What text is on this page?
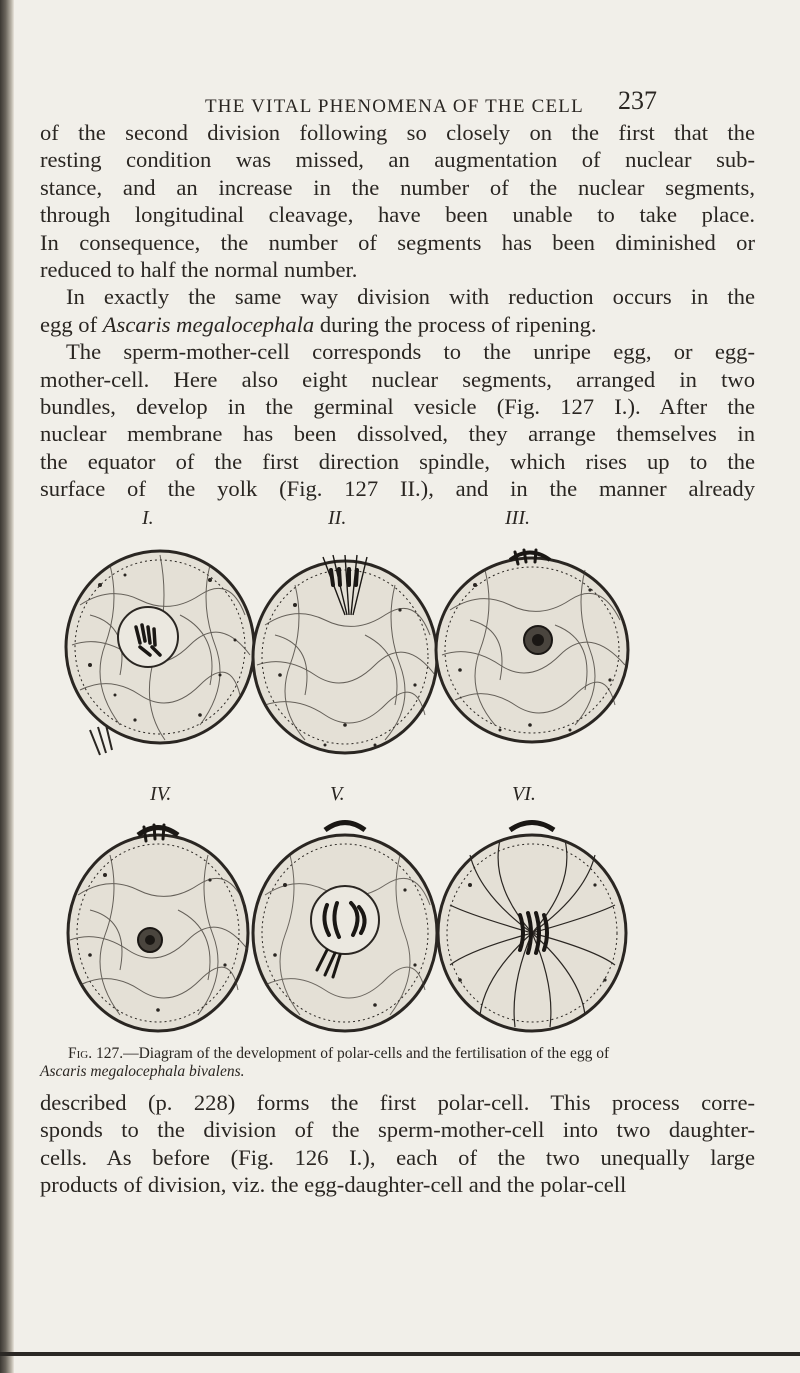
THE VITAL PHENOMENA OF THE CELL 237
of the second division following so closely on the first that the
resting condition was missed, an augmentation of nuclear sub-
stance, and an increase in the number of the nuclear segments,
through longitudinal cleavage, have been unable to take place.
In consequence, the number of segments has been diminished or
reduced to half the normal number.
In exactly the same way division with reduction occurs in the
egg of Ascaris megalocephala during the process of ripening.
The sperm-mother-cell corresponds to the unripe egg, or egg-
mother-cell. Here also eight nuclear segments, arranged in two
bundles, develop in the germinal vesicle (Fig. 127 I.). After the
nuclear membrane has been dissolved, they arrange themselves in
the equator of the first direction spindle, which rises up to the
surface of the yolk (Fig. 127 II.), and in the manner already
I.	II.	III.
IV.	V.	VI.
Fig. 127.—Diagram of the development of polar-cells and the fertilisation of the egg of
Ascaris megalocephala bivalens.
described (p. 228) forms the first polar-cell. This process corre-
sponds to the division of the sperm-mother-cell into two daughter-
cells. As before (Fig. 126 I.), each of the two unequally large
products of division, viz. the egg-daughter-cell and the polar-cell
